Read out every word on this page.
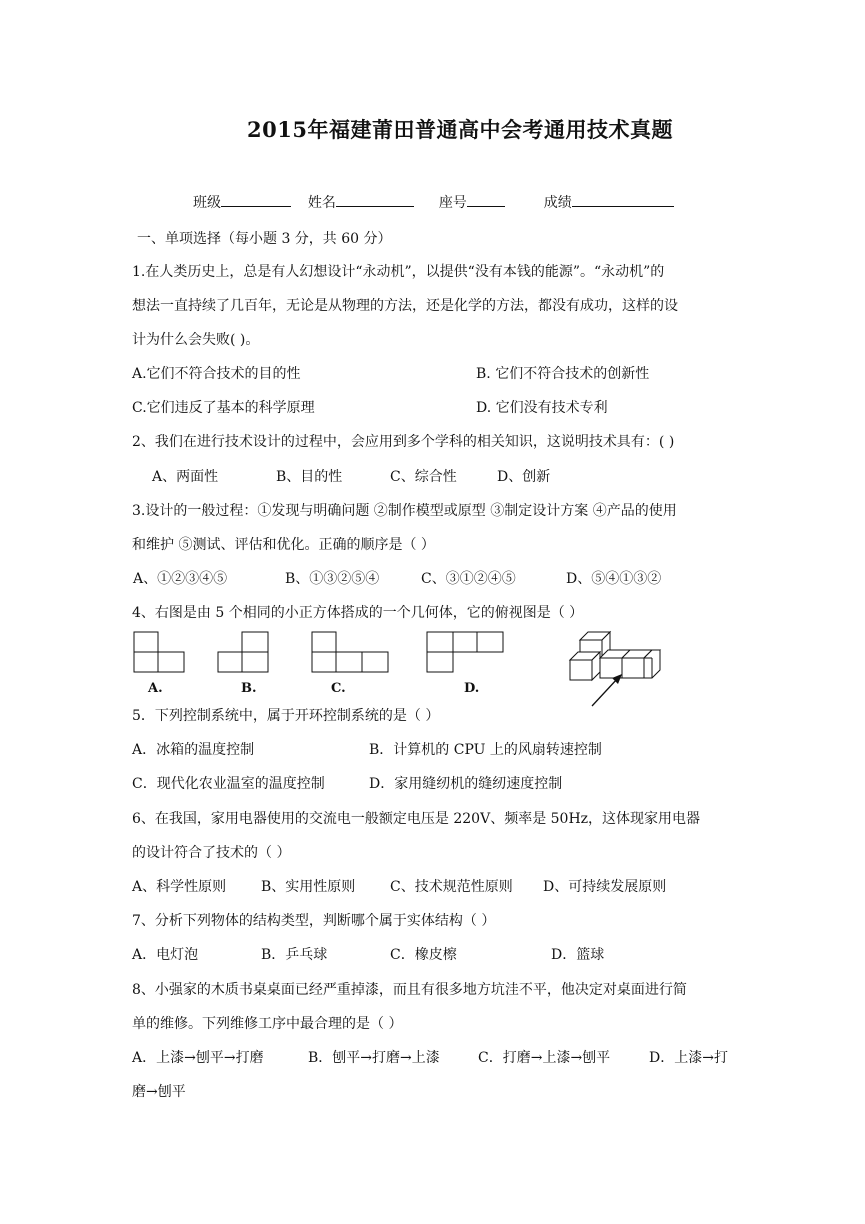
2015年福建莆田普通高中会考通用技术真题
班级	姓名	座号	成绩
一、单项选择（每小题 3 分，共 60 分）
1.在人类历史上，总是有人幻想设计“永动机”，以提供“没有本钱的能源”。“永动机”的
想法一直持续了几百年，无论是从物理的方法，还是化学的方法，都没有成功，这样的设
计为什么会失败( )。
A.它们不符合技术的目的性	B. 它们不符合技术的创新性
C.它们违反了基本的科学原理	D. 它们没有技术专利
2、我们在进行技术设计的过程中，会应用到多个学科的相关知识，这说明技术具有：( )
A、两面性	B、目的性	C、综合性	D、创新
3.设计的一般过程：①发现与明确问题 ②制作模型或原型 ③制定设计方案 ④产品的使用
和维护 ⑤测试、评估和优化。正确的顺序是（ ）
A、①②③④⑤	B、①③②⑤④	C、③①②④⑤	D、⑤④①③②
4、右图是由 5 个相同的小正方体搭成的一个几何体，它的俯视图是（ ）
A.	B.	C.	D.
5．下列控制系统中，属于开环控制系统的是（ ）
A．冰箱的温度控制	B．计算机的 CPU 上的风扇转速控制
C．现代化农业温室的温度控制	D．家用缝纫机的缝纫速度控制
6、在我国，家用电器使用的交流电一般额定电压是 220V、频率是 50Hz，这体现家用电器
的设计符合了技术的（ ）
A、科学性原则 B、实用性原则 C、技术规范性原则 D、可持续发展原则
7、分析下列物体的结构类型，判断哪个属于实体结构（ ）
A．电灯泡	B．乒乓球	C．橡皮檫	D．篮球
8、小强家的木质书桌桌面已经严重掉漆，而且有很多地方坑洼不平，他决定对桌面进行简
单的维修。下列维修工序中最合理的是（ ）
A．上漆→刨平→打磨	B．刨平→打磨→上漆	C．打磨→上漆→刨平	D．上漆→打
磨→刨平
